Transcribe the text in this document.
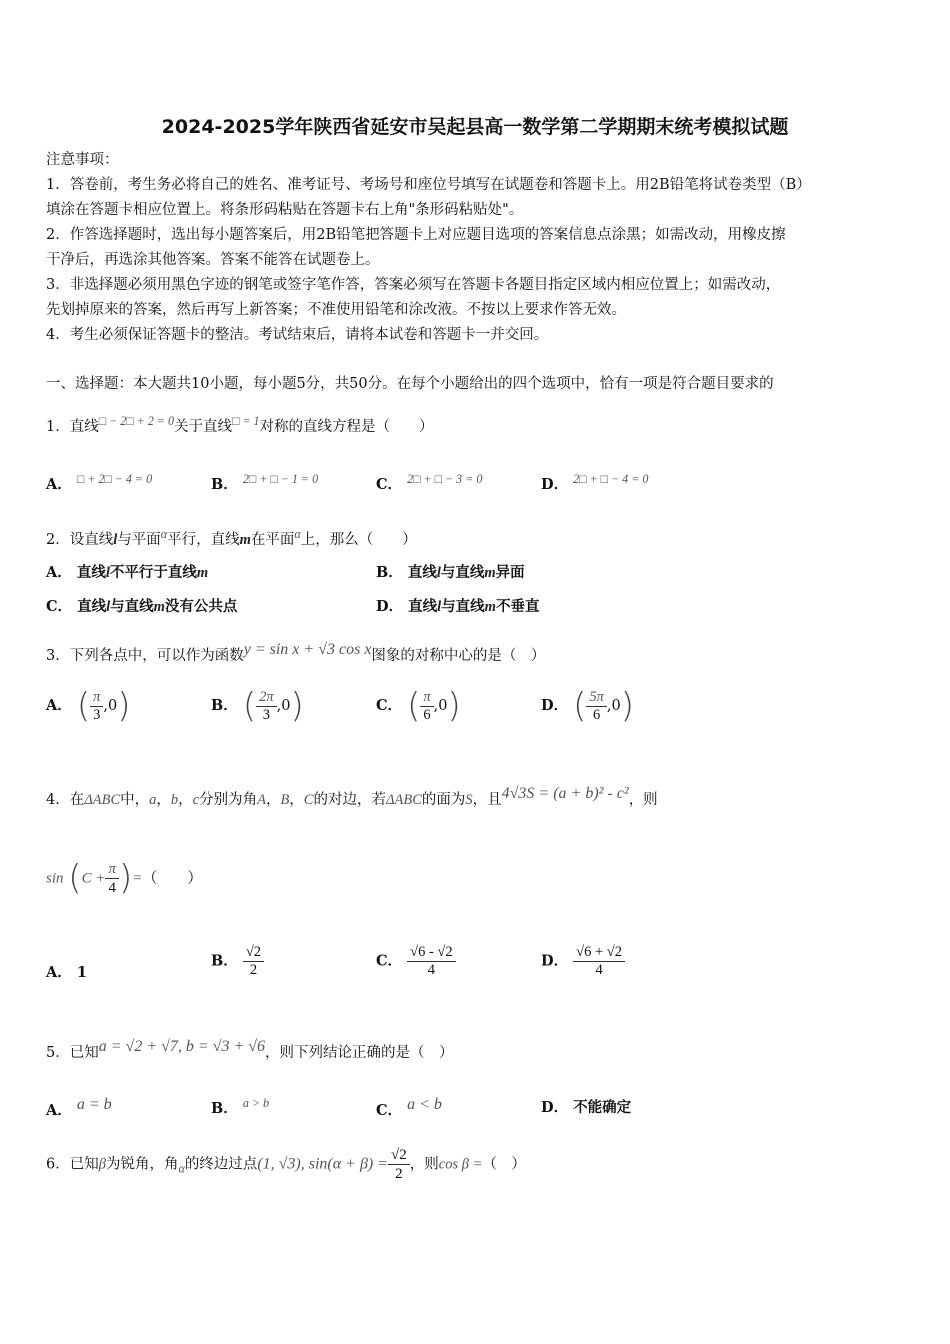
2024-2025学年陕西省延安市吴起县高一数学第二学期期末统考模拟试题
注意事项：
1．答卷前，考生务必将自己的姓名、准考证号、考场号和座位号填写在试题卷和答题卡上。用2B铅笔将试卷类型（B）
填涂在答题卡相应位置上。将条形码粘贴在答题卡右上角"条形码粘贴处"。
2．作答选择题时，选出每小题答案后，用2B铅笔把答题卡上对应题目选项的答案信息点涂黑；如需改动，用橡皮擦
干净后，再选涂其他答案。答案不能答在试题卷上。
3．非选择题必须用黑色字迹的钢笔或签字笔作答，答案必须写在答题卡各题目指定区域内相应位置上；如需改动，
先划掉原来的答案，然后再写上新答案；不准使用铅笔和涂改液。不按以上要求作答无效。
4．考生必须保证答题卡的整洁。考试结束后，请将本试卷和答题卡一并交回。
一、选择题：本大题共10小题，每小题5分，共50分。在每个小题给出的四个选项中，恰有一项是符合题目要求的
1．直线$^{□ - 2□ + 2 = 0}$关于直线$^{□ = 1}$对称的直线方程是（　　）
A． $^{□ + 2□ - 4 = 0}$	B． $^{2□ + □ - 1 = 0}$	C． $^{2□ + □ - 3 = 0}$	D． $^{2□ + □ - 4 = 0}$
2．设直线l与平面$^\alpha$平行，直线m在平面$^\alpha$上，那么（　　）
A． 直线l不平行于直线m	B． 直线l与直线m异面
C． 直线l与直线m没有公共点	D． 直线l与直线m不垂直
3．下列各点中，可以作为函数$^{y = sin x + √3 cos x}$图象的对称中心的是（　）
A． ( $\frac{\pi}{3} ,0$)	B． ( $\frac{2\pi}{3} ,0$)	C． ( $\frac{\pi}{6} ,0$)	D． ( $\frac{5\pi}{6} ,0$)
4．在ΔABC中，a，b，c分别为角A，B，C的对边，若ΔABC的面为S，且$^{4√3S = (a + b)^2 - c^2}$，则
$\sin (C + \frac{\pi}{4}$ )=（　　）
A． 1
B． $\frac{√2}{2}$	C． $\frac{√6 - √2}{4}$	D． $\frac{√6 + √2}{4}$
5．已知$^{a = √2 + √7, b = √3 + √6}$，则下列结论正确的是（　）
A． $^{a = b}$	B． $^{a > b}$	C． $^{a < b}$	D． 不能确定
6．已知β为锐角，角$_\alpha$的终边过点(1, √3), $\sin(\alpha + \beta) = \frac{√2}{2}$ ，则cos β =（　）
